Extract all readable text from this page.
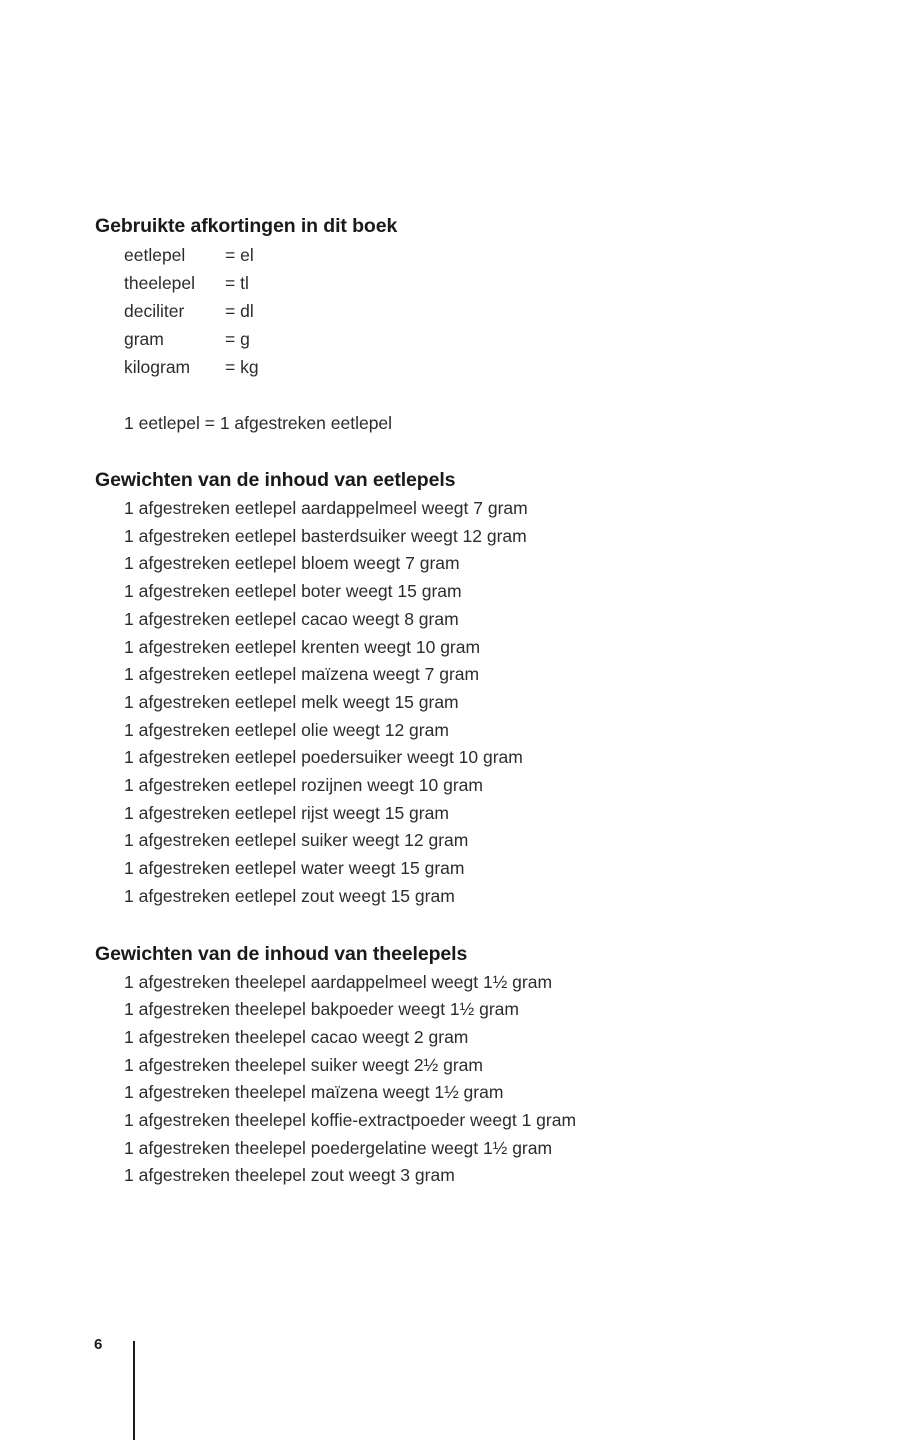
Gebruikte afkortingen in dit boek
eetlepel	= el
theelepel	= tl
deciliter	= dl
gram	= g
kilogram	= kg
1 eetlepel = 1 afgestreken eetlepel
Gewichten van de inhoud van eetlepels
1 afgestreken eetlepel aardappelmeel weegt 7 gram
1 afgestreken eetlepel basterdsuiker weegt 12 gram
1 afgestreken eetlepel bloem weegt 7 gram
1 afgestreken eetlepel boter weegt 15 gram
1 afgestreken eetlepel cacao weegt 8 gram
1 afgestreken eetlepel krenten weegt 10 gram
1 afgestreken eetlepel maïzena weegt 7 gram
1 afgestreken eetlepel melk weegt 15 gram
1 afgestreken eetlepel olie weegt 12 gram
1 afgestreken eetlepel poedersuiker weegt 10 gram
1 afgestreken eetlepel rozijnen weegt 10 gram
1 afgestreken eetlepel rijst weegt 15 gram
1 afgestreken eetlepel suiker weegt 12 gram
1 afgestreken eetlepel water weegt 15 gram
1 afgestreken eetlepel zout weegt 15 gram
Gewichten van de inhoud van theelepels
1 afgestreken theelepel aardappelmeel weegt 1½ gram
1 afgestreken theelepel bakpoeder weegt 1½ gram
1 afgestreken theelepel cacao weegt 2 gram
1 afgestreken theelepel suiker weegt 2½ gram
1 afgestreken theelepel maïzena weegt 1½ gram
1 afgestreken theelepel koffie-extractpoeder weegt 1 gram
1 afgestreken theelepel poedergelatine weegt 1½ gram
1 afgestreken theelepel zout weegt 3 gram
6
